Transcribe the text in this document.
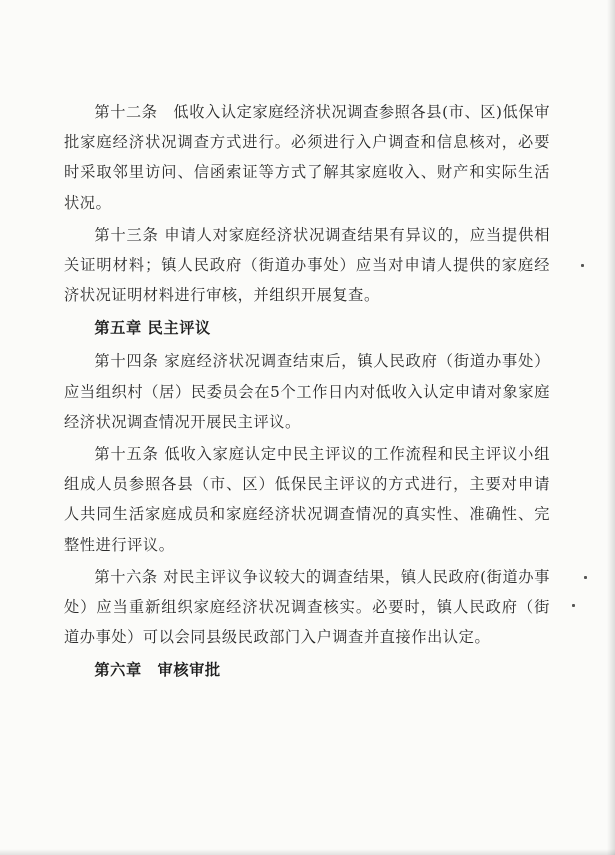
第十二条　低收入认定家庭经济状况调查参照各县(市、区)低保审批家庭经济状况调查方式进行。必须进行入户调查和信息核对，必要时采取邻里访问、信函索证等方式了解其家庭收入、财产和实际生活状况。

第十三条 申请人对家庭经济状况调查结果有异议的，应当提供相关证明材料；镇人民政府（街道办事处）应当对申请人提供的家庭经济状况证明材料进行审核，并组织开展复查。

第五章 民主评议

第十四条 家庭经济状况调查结束后，镇人民政府（街道办事处）应当组织村（居）民委员会在5个工作日内对低收入认定申请对象家庭经济状况调查情况开展民主评议。

第十五条 低收入家庭认定中民主评议的工作流程和民主评议小组组成人员参照各县（市、区）低保民主评议的方式进行，主要对申请人共同生活家庭成员和家庭经济状况调查情况的真实性、准确性、完整性进行评议。

第十六条 对民主评议争议较大的调查结果，镇人民政府(街道办事处）应当重新组织家庭经济状况调查核实。必要时，镇人民政府（街道办事处）可以会同县级民政部门入户调查并直接作出认定。

第六章　审核审批
